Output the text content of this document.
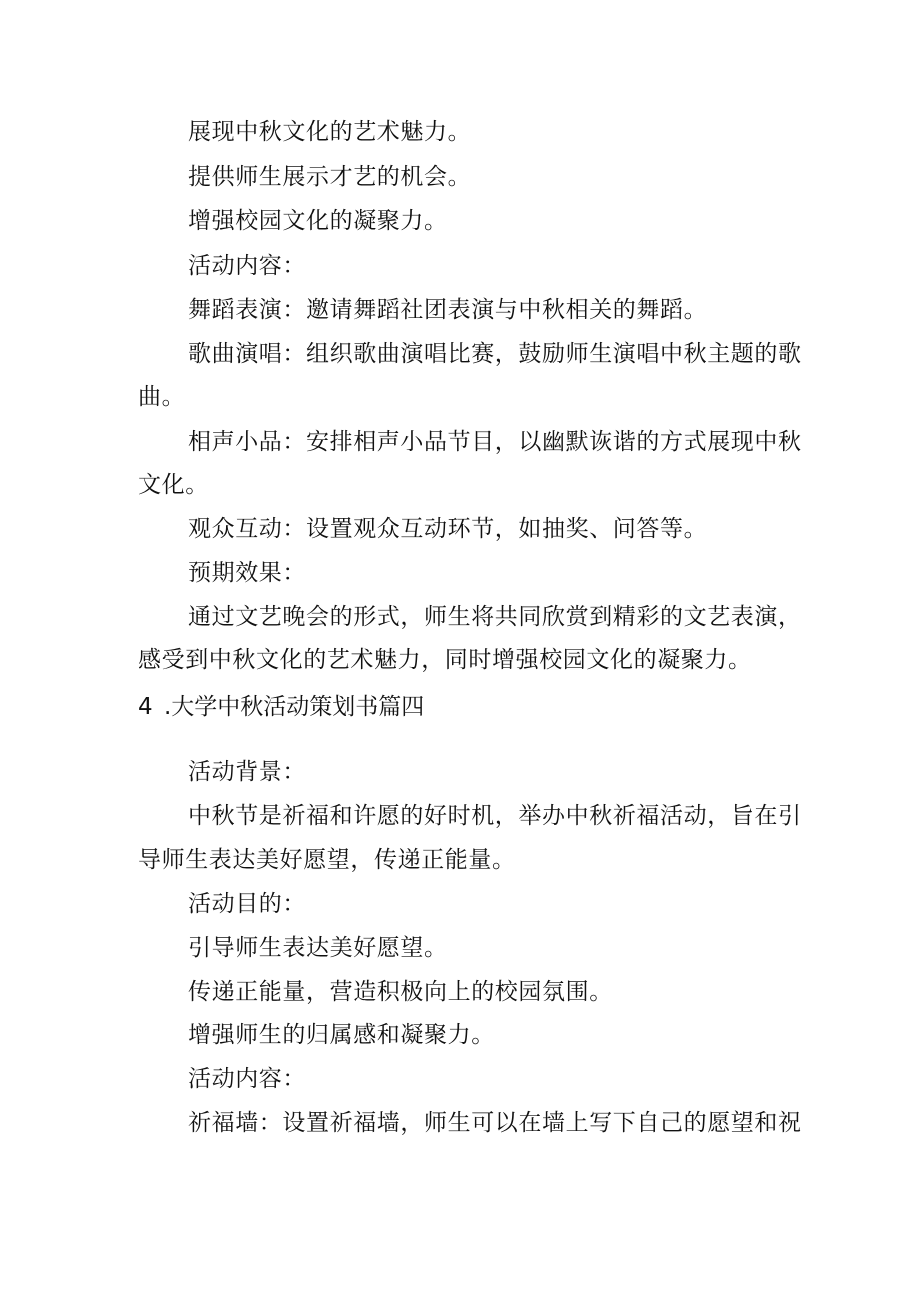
展现中秋文化的艺术魅力。
提供师生展示才艺的机会。
增强校园文化的凝聚力。
活动内容：
舞蹈表演：邀请舞蹈社团表演与中秋相关的舞蹈。
歌曲演唱：组织歌曲演唱比赛，鼓励师生演唱中秋主题的歌
曲。
相声小品：安排相声小品节目，以幽默诙谐的方式展现中秋
文化。
观众互动：设置观众互动环节，如抽奖、问答等。
预期效果：
通过文艺晚会的形式，师生将共同欣赏到精彩的文艺表演，
感受到中秋文化的艺术魅力，同时增强校园文化的凝聚力。
4 .大学中秋活动策划书篇四
活动背景：
中秋节是祈福和许愿的好时机，举办中秋祈福活动，旨在引
导师生表达美好愿望，传递正能量。
活动目的：
引导师生表达美好愿望。
传递正能量，营造积极向上的校园氛围。
增强师生的归属感和凝聚力。
活动内容：
祈福墙：设置祈福墙，师生可以在墙上写下自己的愿望和祝
